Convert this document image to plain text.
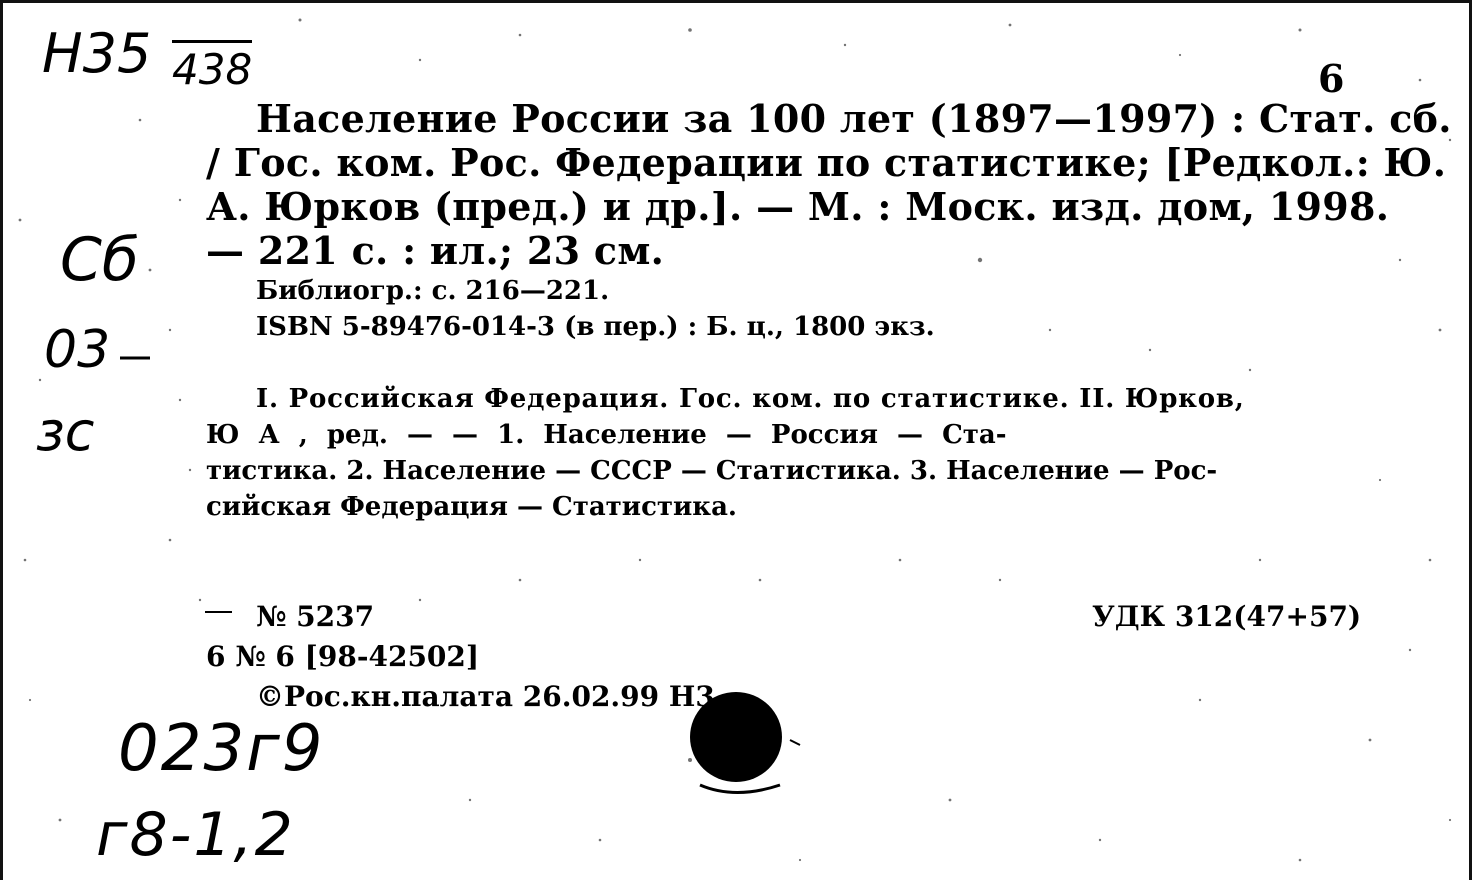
Н35 438
Сб
03
зс
023г9
г8-1,2
6
Население России за 100 лет (1897—1997) : Стат. сб.
/ Гос. ком. Рос. Федерации по статистике; [Редкол.: Ю.
А. Юрков (пред.) и др.]. — М. : Моск. изд. дом, 1998.
— 221 с. : ил.; 23 см.
Библиогр.: с. 216—221.
ISBN 5-89476-014-3 (в пер.) : Б. ц., 1800 экз.
I. Российская Федерация. Гос. ком. по статистике. II. Юрков,
Ю А , ред. — — 1. Население — Россия — Ста-
тистика. 2. Население — СССР — Статистика. 3. Население — Рос-
сийская Федерация — Статистика.
№ 5237	УДК 312(47+57)
6 № 6 [98-42502]
©Рос.кн.палата 26.02.99 Н3
